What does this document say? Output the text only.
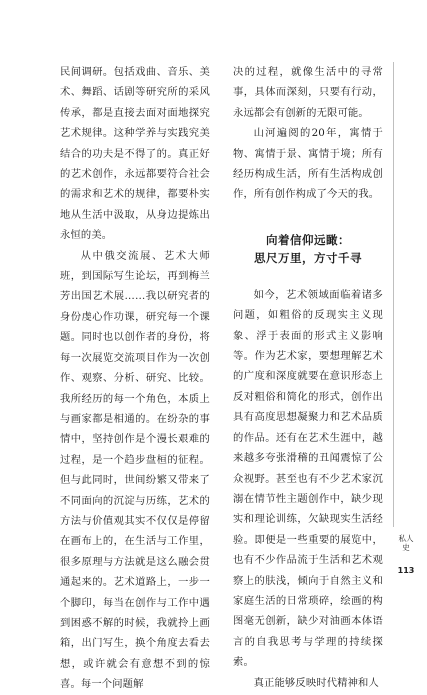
民间调研。包括戏曲、音乐、美术、舞蹈、话剧等研究所的采风传承，都是直接去面对面地探究艺术规律。这种学养与实践究美结合的功夫是不得了的。真正好的艺术创作，永远都要符合社会的需求和艺术的规律，都要朴实地从生活中汲取，从身边提炼出永恒的美。

从中俄交流展、艺术大师班，到国际写生论坛，再到梅兰芳出国艺术展……我以研究者的身份虔心作功课，研究每一个课题。同时也以创作者的身份，将每一次展览交流项目作为一次创作、观察、分析、研究、比较。我所经历的每一个角色，本质上与画家都是相通的。在纷杂的事情中，坚持创作是个漫长艰难的过程，是一个趋步盘桓的征程。但与此同时，世间纷繁又带来了不同面向的沉淀与历练，艺术的方法与价值观其实不仅仅是停留在画布上的，在生活与工作里，很多原理与方法就是这么融会贯通起来的。艺术道路上，一步一个脚印，每当在创作与工作中遇到困惑不解的时候，我就拎上画箱，出门写生，换个角度去看去想，或许就会有意想不到的惊喜。每一个问题解

决的过程，就像生活中的寻常事，具体而深刻，只要有行动，永远都会有创新的无限可能。

山河遍阅的20年，寓情于物、寓情于景、寓情于境；所有经历构成生活，所有生活构成创作，所有创作构成了今天的我。

向着信仰远瞰：
思尺万里，方寸千寻

如今，艺术领域面临着诸多问题，如粗俗的反现实主义现象、浮于表面的形式主义影响等。作为艺术家，要想理解艺术的广度和深度就要在意识形态上反对粗俗和简化的形式，创作出具有高度思想凝聚力和艺术品质的作品。还有在艺术生涯中，越来越多夸张滑稽的丑闻震惊了公众视野。甚至也有不少艺术家沉溺在情节性主题创作中，缺少现实和理论训练，欠缺现实生活经验。即便是一些重要的展览中，也有不少作品流于生活和艺术观察上的肤浅，倾向于自然主义和家庭生活的日常琐碎，绘画的构图毫无创新，缺少对油画本体语言的自我思考与学理的持续探索。

真正能够反映时代精神和人

私人
史
113
